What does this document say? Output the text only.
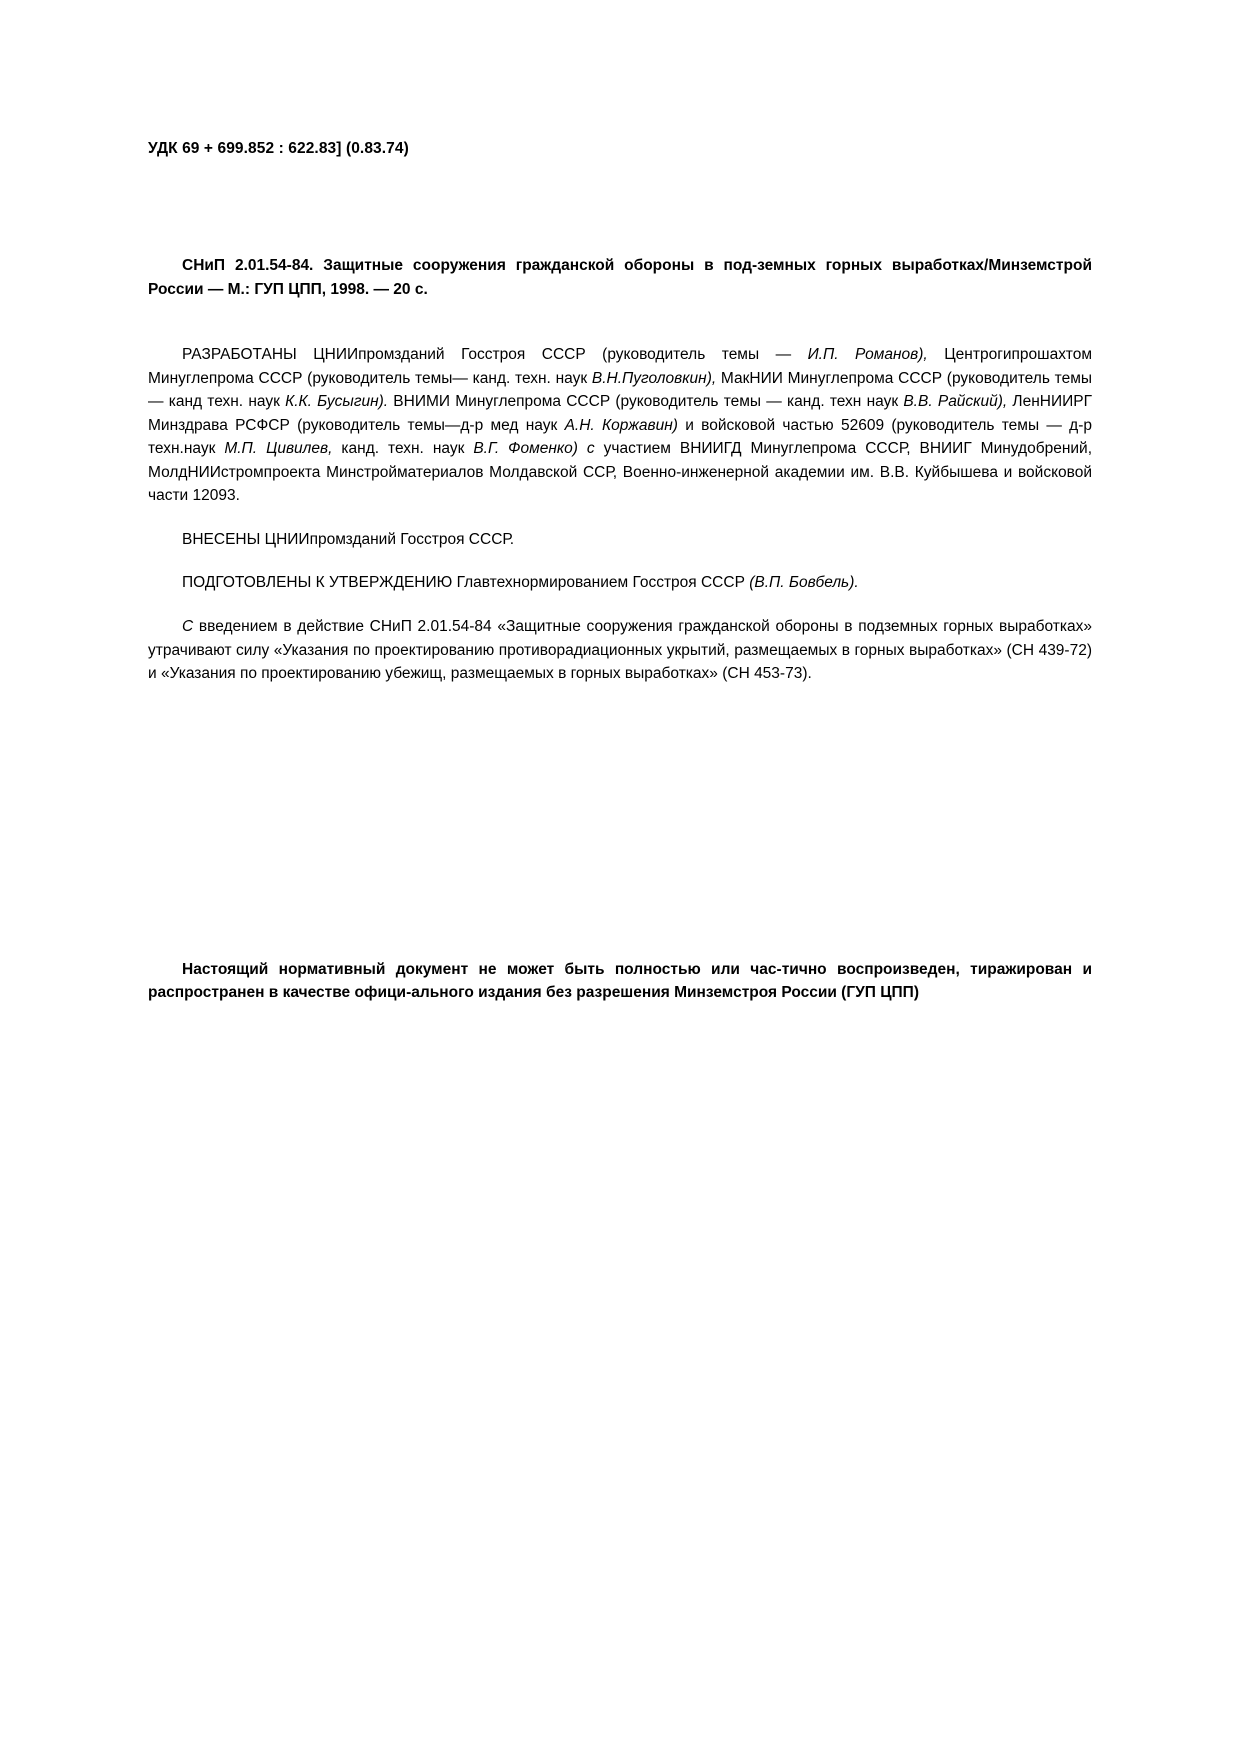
УДК 69 + 699.852 : 622.83] (0.83.74)

СНиП 2.01.54-84. Защитные сооружения гражданской обороны в под-земных горных выработках/Минземстрой России — М.: ГУП ЦПП, 1998. — 20 с.

РАЗРАБОТАНЫ ЦНИИпромзданий Госстроя СССР (руководитель темы — И.П. Романов), Центрогипрошахтом Минуглепрома СССР (руководитель темы— канд. техн. наук В.Н.Пуголовкин), МакНИИ Минуглепрома СССР (руководитель темы — канд техн. наук К.К. Бусыгин). ВНИМИ Минуглепрома СССР (руководитель темы — канд. техн наук В.В. Райский), ЛенНИИРГ Минздрава РСФСР (руководитель темы—д-р мед наук А.Н. Коржавин) и войсковой частью 52609 (руководитель темы — д-р техн.наук М.П. Цивилев, канд. техн. наук В.Г. Фоменко) с участием ВНИИГД Минуглепрома СССР, ВНИИГ Минудобрений, МолдНИИстромпроекта Минстройматериалов Молдавской ССР, Военно-инженерной академии им. В.В. Куйбышева и войсковой части 12093.

ВНЕСЕНЫ ЦНИИпромзданий Госстроя СССР.

ПОДГОТОВЛЕНЫ К УТВЕРЖДЕНИЮ Главтехнормированием Госстроя СССР (В.П. Бовбель).

С введением в действие СНиП 2.01.54-84 «Защитные сооружения гражданской обороны в подземных горных выработках» утрачивают силу «Указания по проектированию противорадиационных укрытий, размещаемых в горных выработках» (СН 439-72) и «Указания по проектированию убежищ, размещаемых в горных выработках» (СН 453-73).

Настоящий нормативный документ не может быть полностью или час-тично воспроизведен, тиражирован и распространен в качестве офици-ального издания без разрешения Минземстроя России (ГУП ЦПП)
